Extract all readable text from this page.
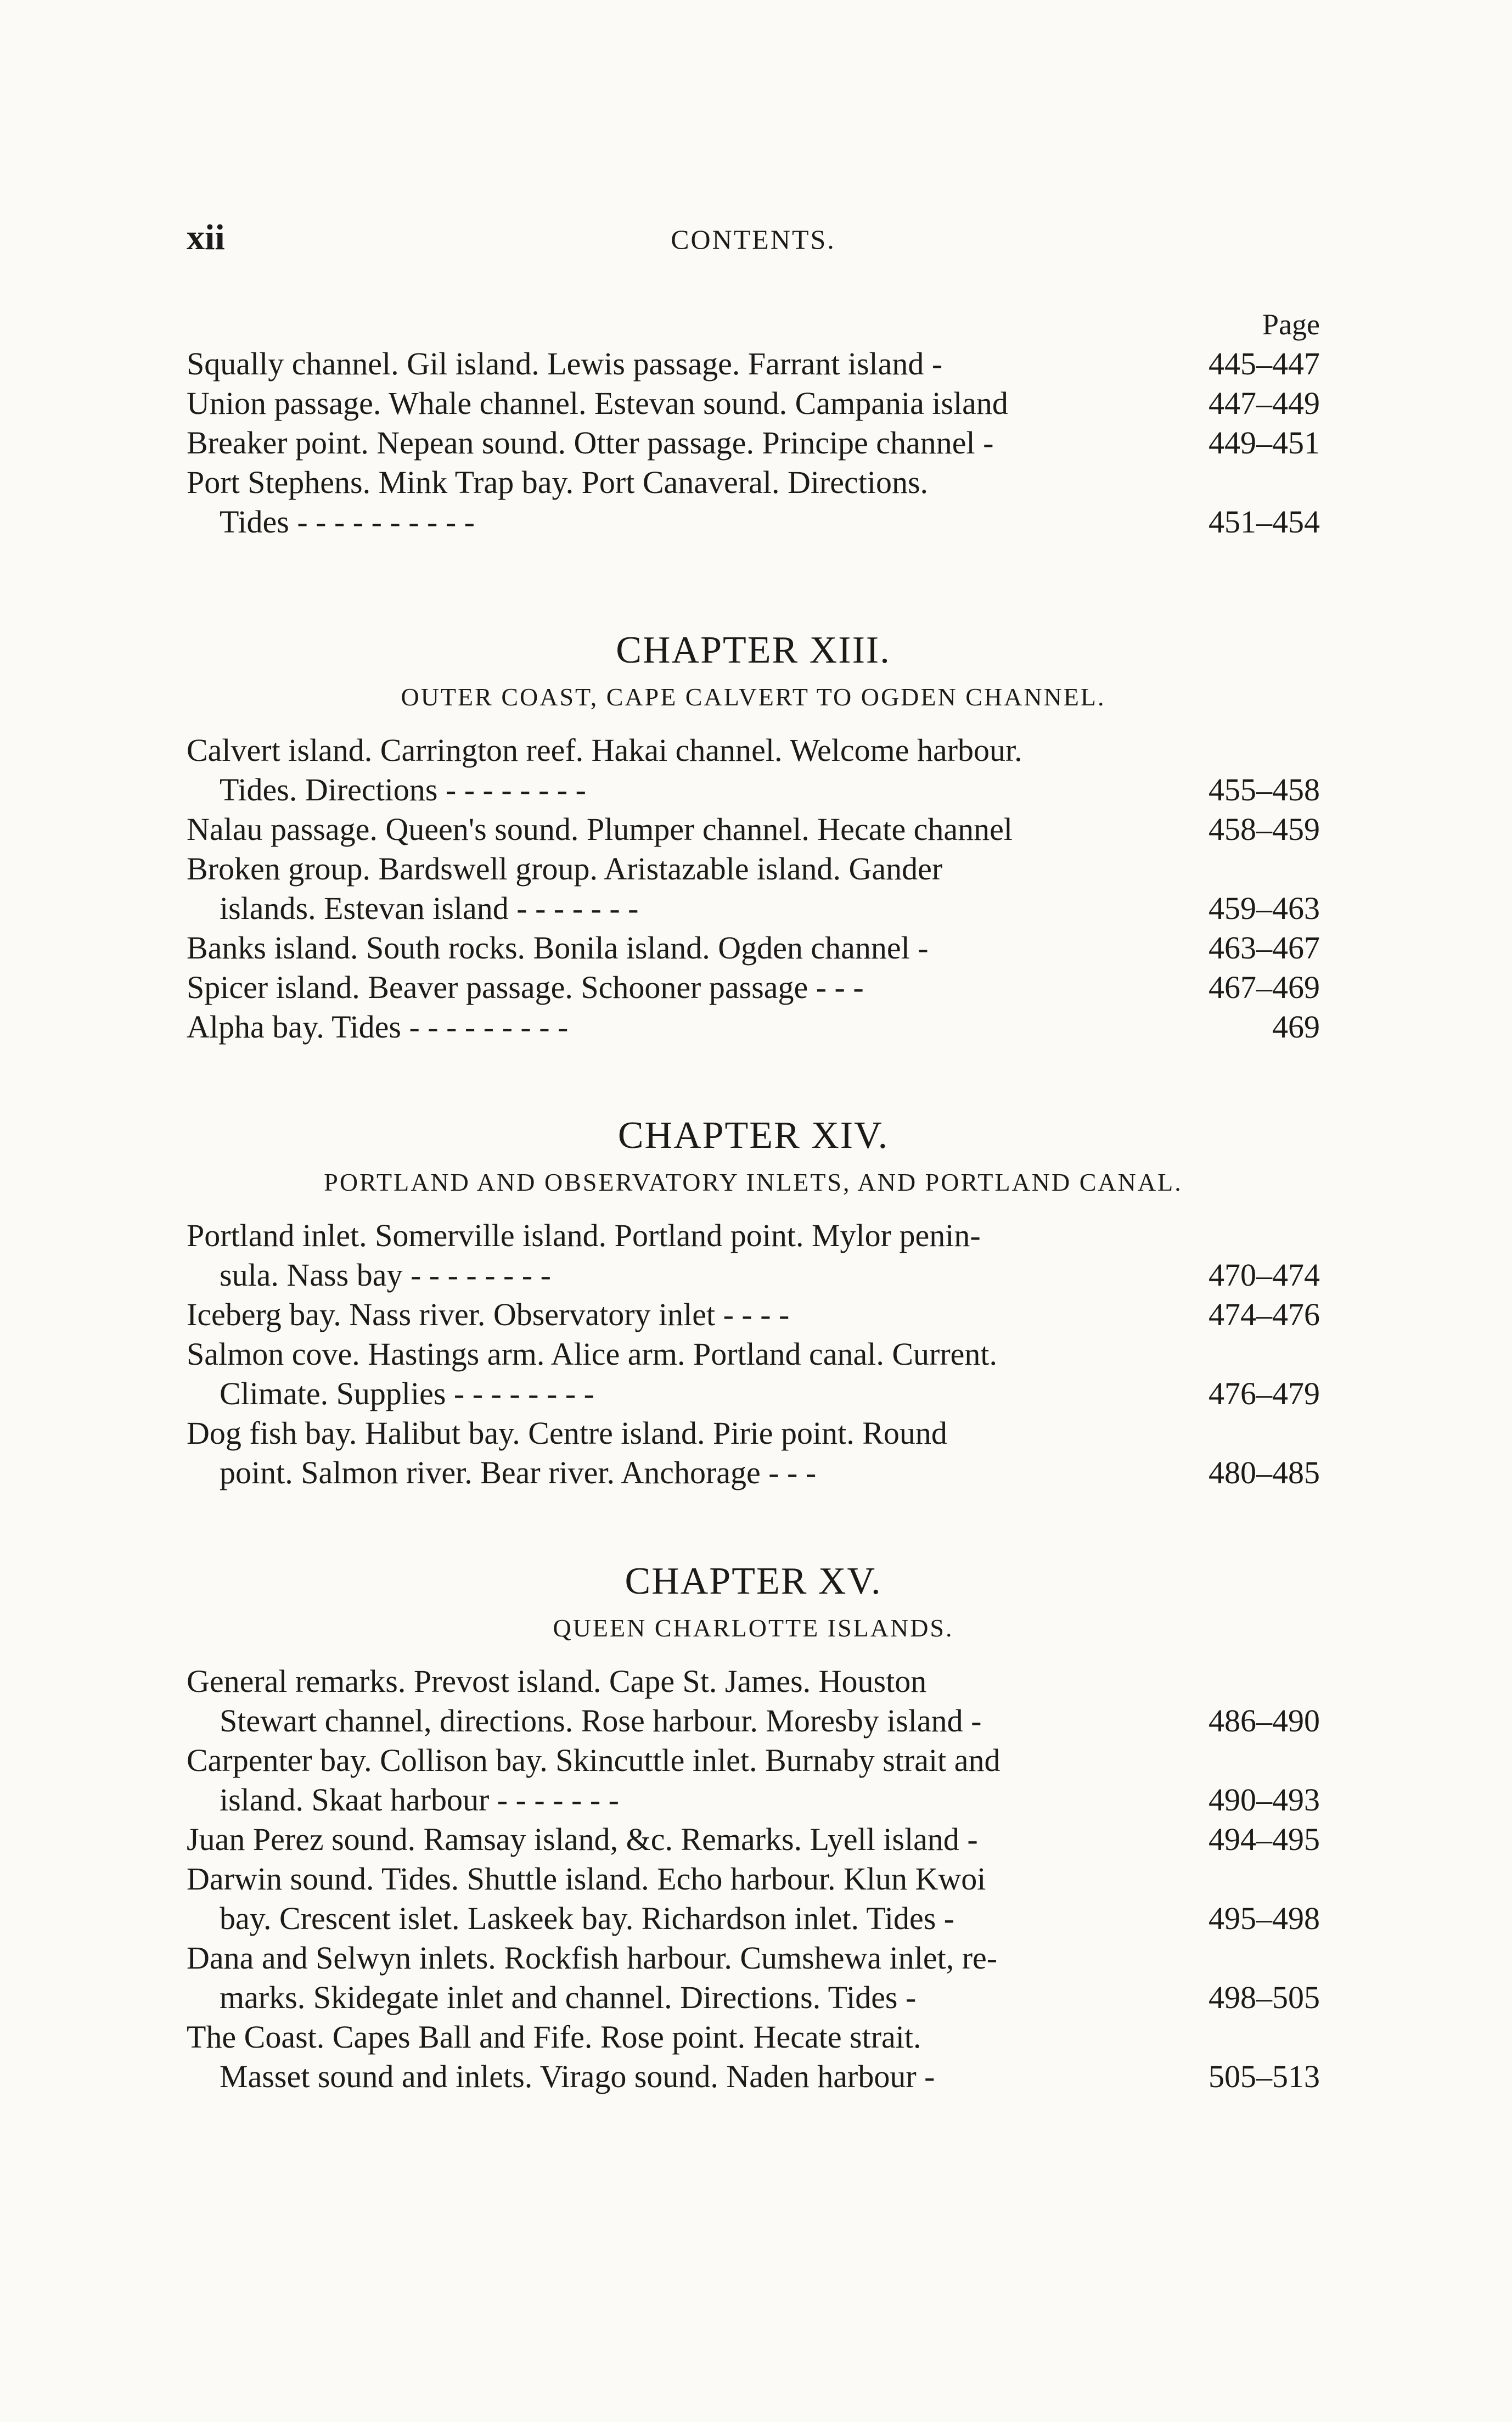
xii	CONTENTS.
Page
Squally channel. Gil island. Lewis passage. Farrant island -	445–447
Union passage. Whale channel. Estevan sound. Campania island	447–449
Breaker point. Nepean sound. Otter passage. Principe channel -	449–451
Port Stephens. Mink Trap bay. Port Canaveral. Directions.
Tides - - - - - - - - - -	451–454
CHAPTER XIII.
OUTER COAST, CAPE CALVERT TO OGDEN CHANNEL.
Calvert island. Carrington reef. Hakai channel. Welcome harbour.
Tides. Directions - - - - - - - -	455–458
Nalau passage. Queen's sound. Plumper channel. Hecate channel	458–459
Broken group. Bardswell group. Aristazable island. Gander
islands. Estevan island - - - - - - -	459–463
Banks island. South rocks. Bonila island. Ogden channel -	463–467
Spicer island. Beaver passage. Schooner passage - - -	467–469
Alpha bay. Tides - - - - - - - - -	469
CHAPTER XIV.
PORTLAND AND OBSERVATORY INLETS, AND PORTLAND CANAL.
Portland inlet. Somerville island. Portland point. Mylor penin-
sula. Nass bay - - - - - - - -	470–474
Iceberg bay. Nass river. Observatory inlet - - - -	474–476
Salmon cove. Hastings arm. Alice arm. Portland canal. Current.
Climate. Supplies - - - - - - - -	476–479
Dog fish bay. Halibut bay. Centre island. Pirie point. Round
point. Salmon river. Bear river. Anchorage - - -	480–485
CHAPTER XV.
QUEEN CHARLOTTE ISLANDS.
General remarks. Prevost island. Cape St. James. Houston
Stewart channel, directions. Rose harbour. Moresby island -	486–490
Carpenter bay. Collison bay. Skincuttle inlet. Burnaby strait and
island. Skaat harbour - - - - - - -	490–493
Juan Perez sound. Ramsay island, &c. Remarks. Lyell island -	494–495
Darwin sound. Tides. Shuttle island. Echo harbour. Klun Kwoi
bay. Crescent islet. Laskeek bay. Richardson inlet. Tides -	495–498
Dana and Selwyn inlets. Rockfish harbour. Cumshewa inlet, re-
marks. Skidegate inlet and channel. Directions. Tides -	498–505
The Coast. Capes Ball and Fife. Rose point. Hecate strait.
Masset sound and inlets. Virago sound. Naden harbour -	505–513
